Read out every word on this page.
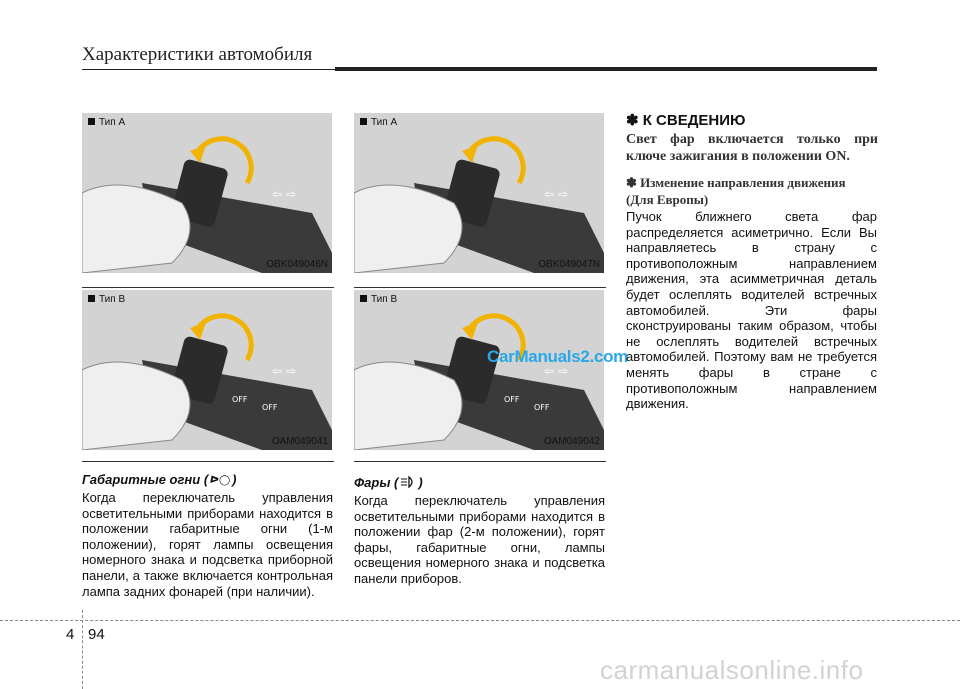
Характеристики автомобиля
⇦ ⇨
Тип A
OBK049046N
OFF
OFF
⇦ ⇨
Тип B
OAM049041
⇦ ⇨
Тип A
OBK049047N
OFF
OFF
⇦ ⇨
Тип B
OAM049042
CarManuals2.com
Габаритные огни ( ᐅ◯ )
Когда переключатель управления осветительными приборами находится в положении габаритные огни (1-м положении), горят лампы освещения номерного знака и подсветка приборной панели, а также включается контрольная лампа задних фонарей (при наличии).
Фары ( )
Когда переключатель управления осветительными приборами находится в положении фар (2-м положении), горят фары, габаритные огни, лампы освещения номерного знака и подсветка панели приборов.
✽ К СВЕДЕНИЮ
Свет фар включается только при ключе зажигания в положении ON.
✽ Изменение направления движения (Для Европы)
Пучок ближнего света фар распределяется асиметрично. Если Вы направляетесь в страну с противоположным направлением движения, эта асимметричная деталь будет ослеплять водителей встречных автомобилей. Эти фары сконструированы таким образом, чтобы не ослеплять водителей встречных автомобилей. Поэтому вам не требуется менять фары в стране с противоположным направлением движения.
4 94
carmanualsonline.info
